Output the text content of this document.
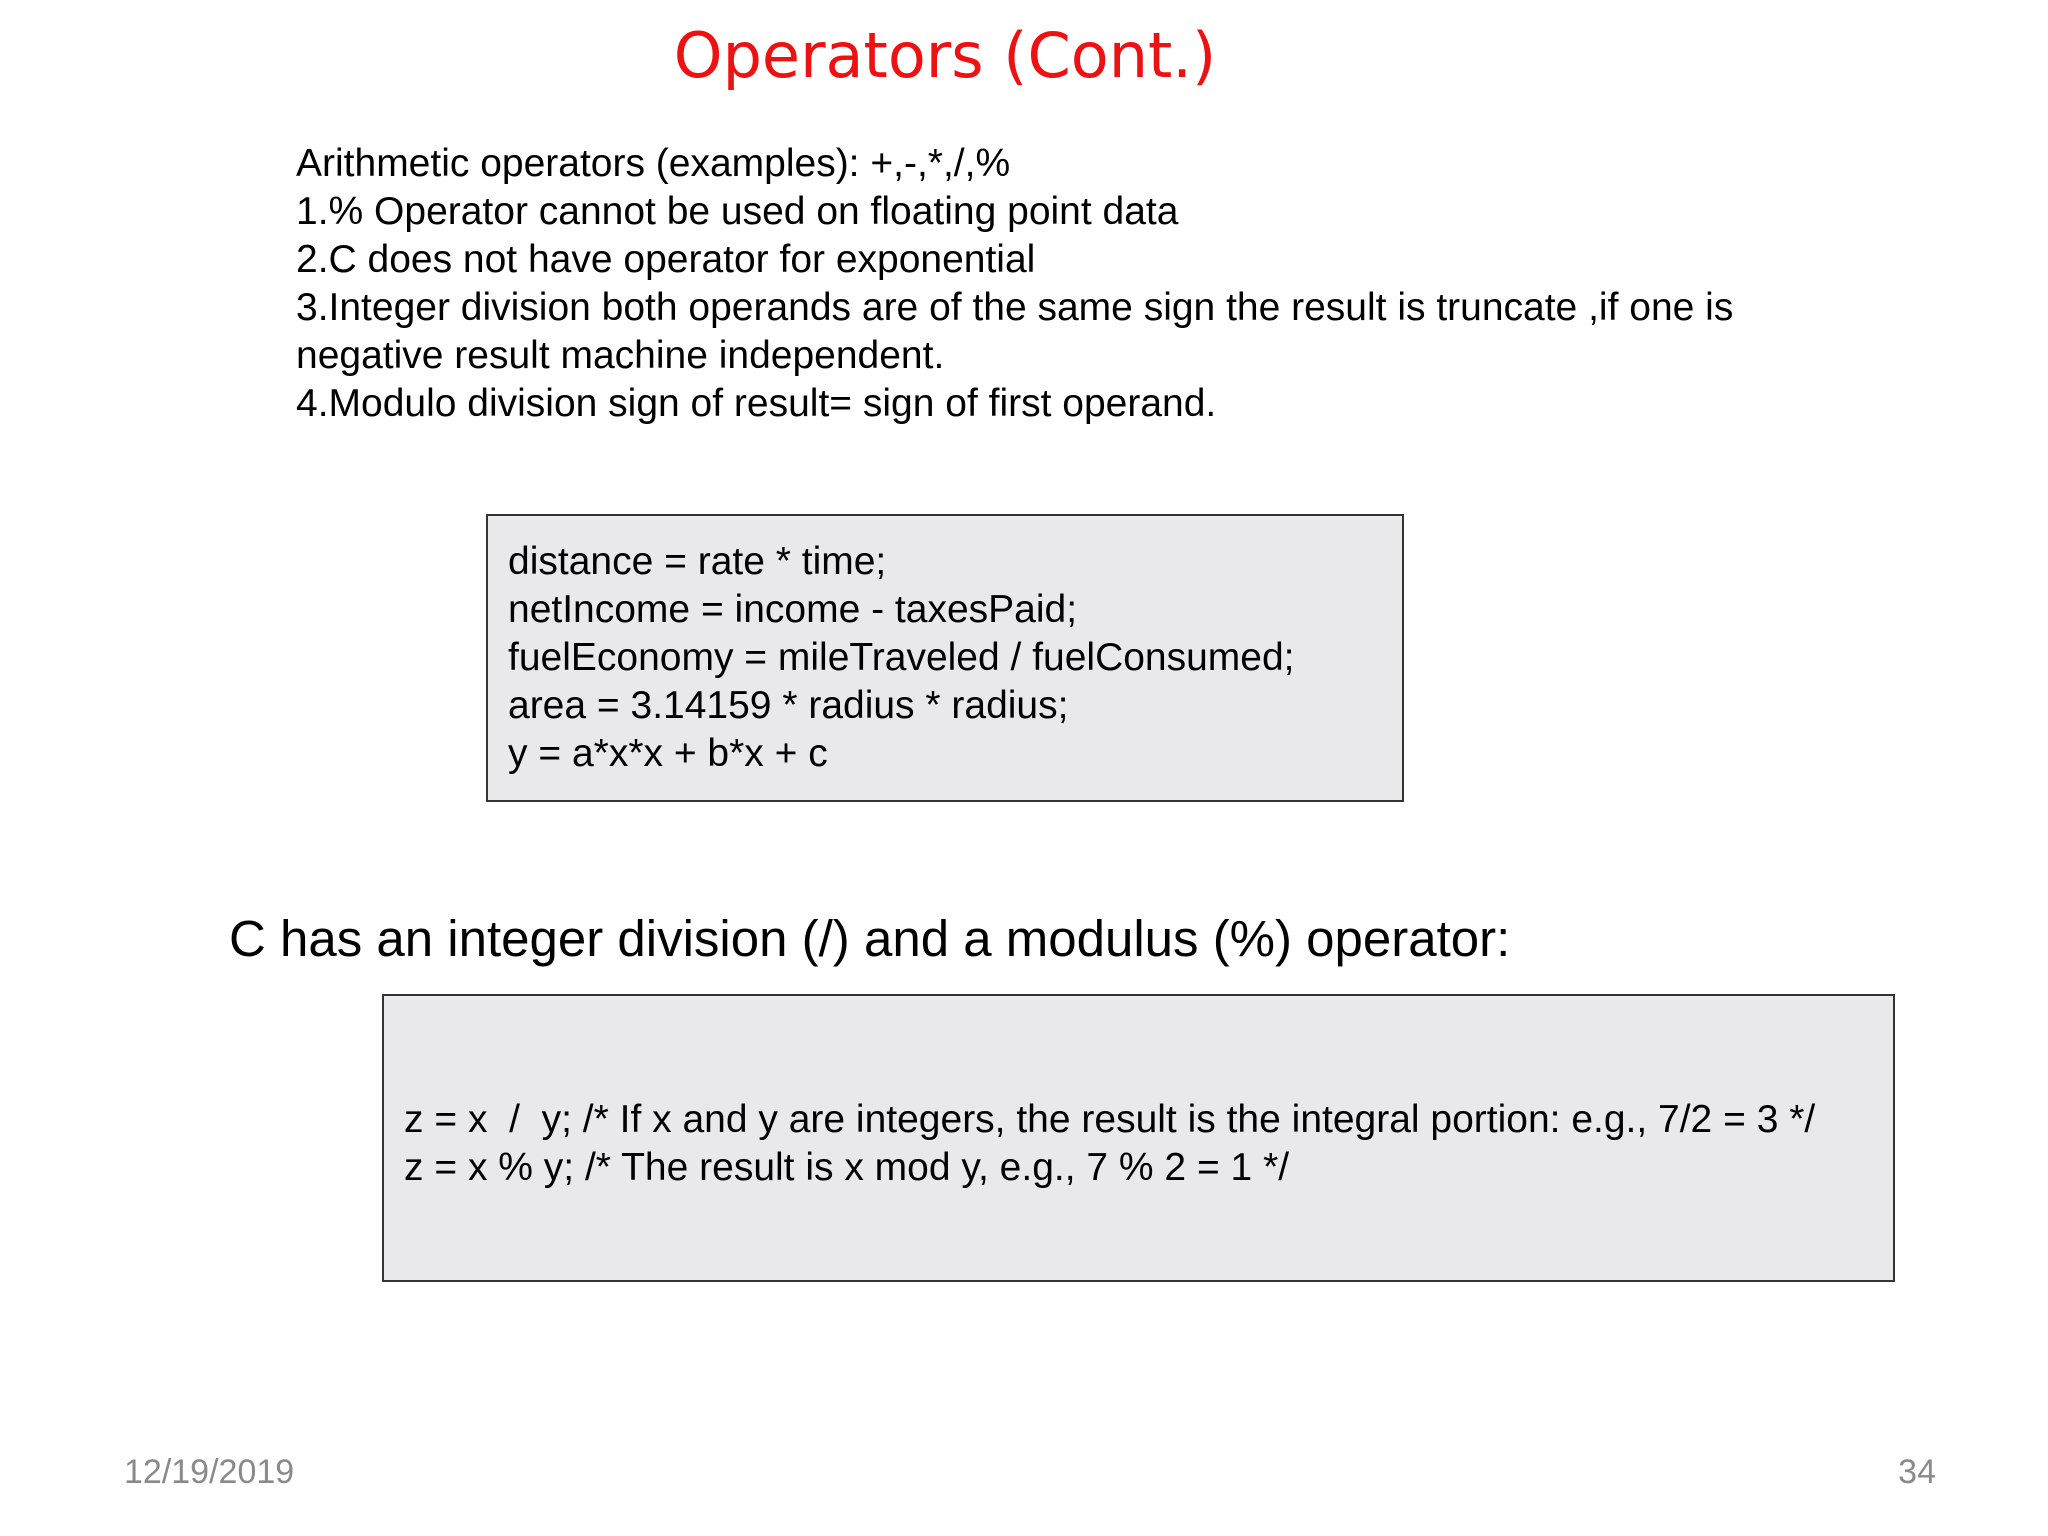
Operators (Cont.)
Arithmetic operators (examples): +,-,*,/,%
1.% Operator cannot be used on floating point data
2.C does not have operator for exponential
3.Integer division both operands are of the same sign the result is truncate ,if one is negative result machine independent.
4.Modulo division sign of result= sign of first operand.
distance = rate * time;
netIncome = income - taxesPaid;
fuelEconomy = mileTraveled / fuelConsumed;
area = 3.14159 * radius * radius;
y = a*x*x + b*x + c
C has an integer division (/) and a modulus (%) operator:
z = x  /  y; /* If x and y are integers, the result is the integral portion: e.g., 7/2 = 3 */
z = x % y; /* The result is x mod y, e.g., 7 % 2 = 1 */
12/19/2019	34
